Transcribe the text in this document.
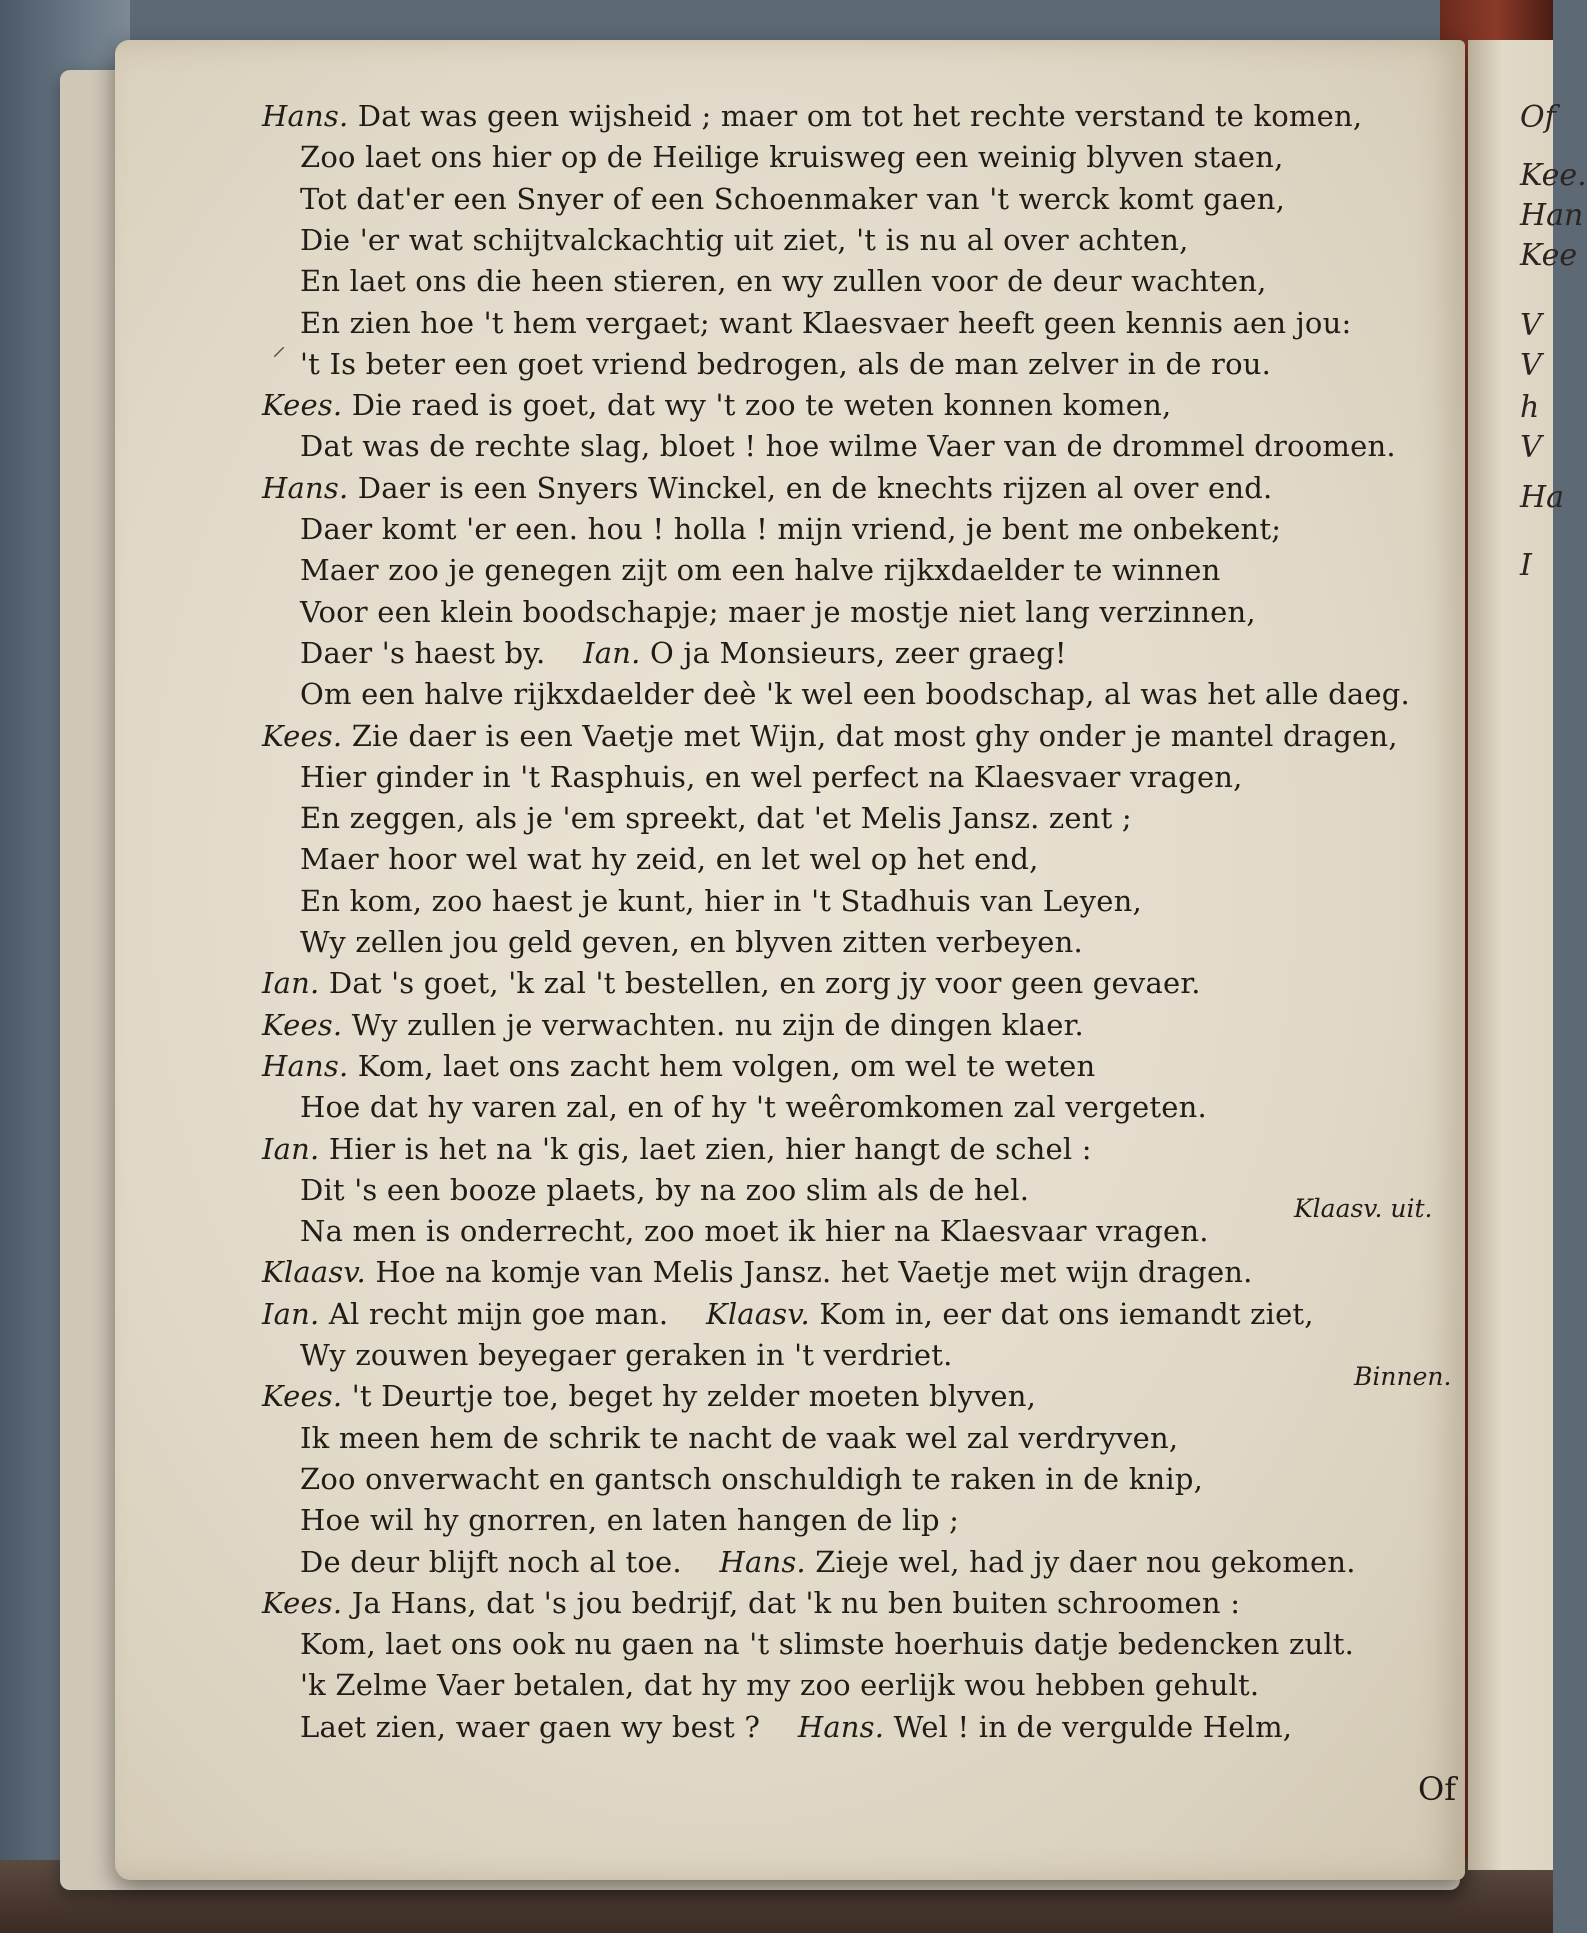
Of
Kee.
Han
Kee
V
V
h
V
Ha
I
Hans. Dat was geen wijsheid ; maer om tot het rechte verstand te komen,
Zoo laet ons hier op de Heilige kruisweg een weinig blyven staen,
Tot dat'er een Snyer of een Schoenmaker van 't werck komt gaen,
Die 'er wat schijtvalckachtig uit ziet, 't is nu al over achten,
En laet ons die heen stieren, en wy zullen voor de deur wachten,
En zien hoe 't hem vergaet; want Klaesvaer heeft geen kennis aen jou:
't Is beter een goet vriend bedrogen, als de man zelver in de rou.
Kees. Die raed is goet, dat wy 't zoo te weten konnen komen,
Dat was de rechte slag, bloet ! hoe wilme Vaer van de drommel droomen.
Hans. Daer is een Snyers Winckel, en de knechts rijzen al over end.
Daer komt 'er een. hou ! holla ! mijn vriend, je bent me onbekent;
Maer zoo je genegen zijt om een halve rijkxdaelder te winnen
Voor een klein boodschapje; maer je mostje niet lang verzinnen,
Daer 's haest by. Ian. O ja Monsieurs, zeer graeg!
Om een halve rijkxdaelder deè 'k wel een boodschap, al was het alle daeg.
Kees. Zie daer is een Vaetje met Wijn, dat most ghy onder je mantel dragen,
Hier ginder in 't Rasphuis, en wel perfect na Klaesvaer vragen,
En zeggen, als je 'em spreekt, dat 'et Melis Jansz. zent ;
Maer hoor wel wat hy zeid, en let wel op het end,
En kom, zoo haest je kunt, hier in 't Stadhuis van Leyen,
Wy zellen jou geld geven, en blyven zitten verbeyen.
Ian. Dat 's goet, 'k zal 't bestellen, en zorg jy voor geen gevaer.
Kees. Wy zullen je verwachten. nu zijn de dingen klaer.
Hans. Kom, laet ons zacht hem volgen, om wel te weten
Hoe dat hy varen zal, en of hy 't weêromkomen zal vergeten.
Ian. Hier is het na 'k gis, laet zien, hier hangt de schel :
Dit 's een booze plaets, by na zoo slim als de hel.
Na men is onderrecht, zoo moet ik hier na Klaesvaar vragen.
Klaasv. Hoe na komje van Melis Jansz. het Vaetje met wijn dragen.
Ian. Al recht mijn goe man. Klaasv. Kom in, eer dat ons iemandt ziet,
Wy zouwen beyegaer geraken in 't verdriet.
Kees. 't Deurtje toe, beget hy zelder moeten blyven,
Ik meen hem de schrik te nacht de vaak wel zal verdryven,
Zoo onverwacht en gantsch onschuldigh te raken in de knip,
Hoe wil hy gnorren, en laten hangen de lip ;
De deur blijft noch al toe. Hans. Zieje wel, had jy daer nou gekomen.
Kees. Ja Hans, dat 's jou bedrijf, dat 'k nu ben buiten schroomen :
Kom, laet ons ook nu gaen na 't slimste hoerhuis datje bedencken zult.
'k Zelme Vaer betalen, dat hy my zoo eerlijk wou hebben gehult.
Laet zien, waer gaen wy best ? Hans. Wel ! in de vergulde Helm,
Klaasv. uit.
Binnen.
⸝
Of
